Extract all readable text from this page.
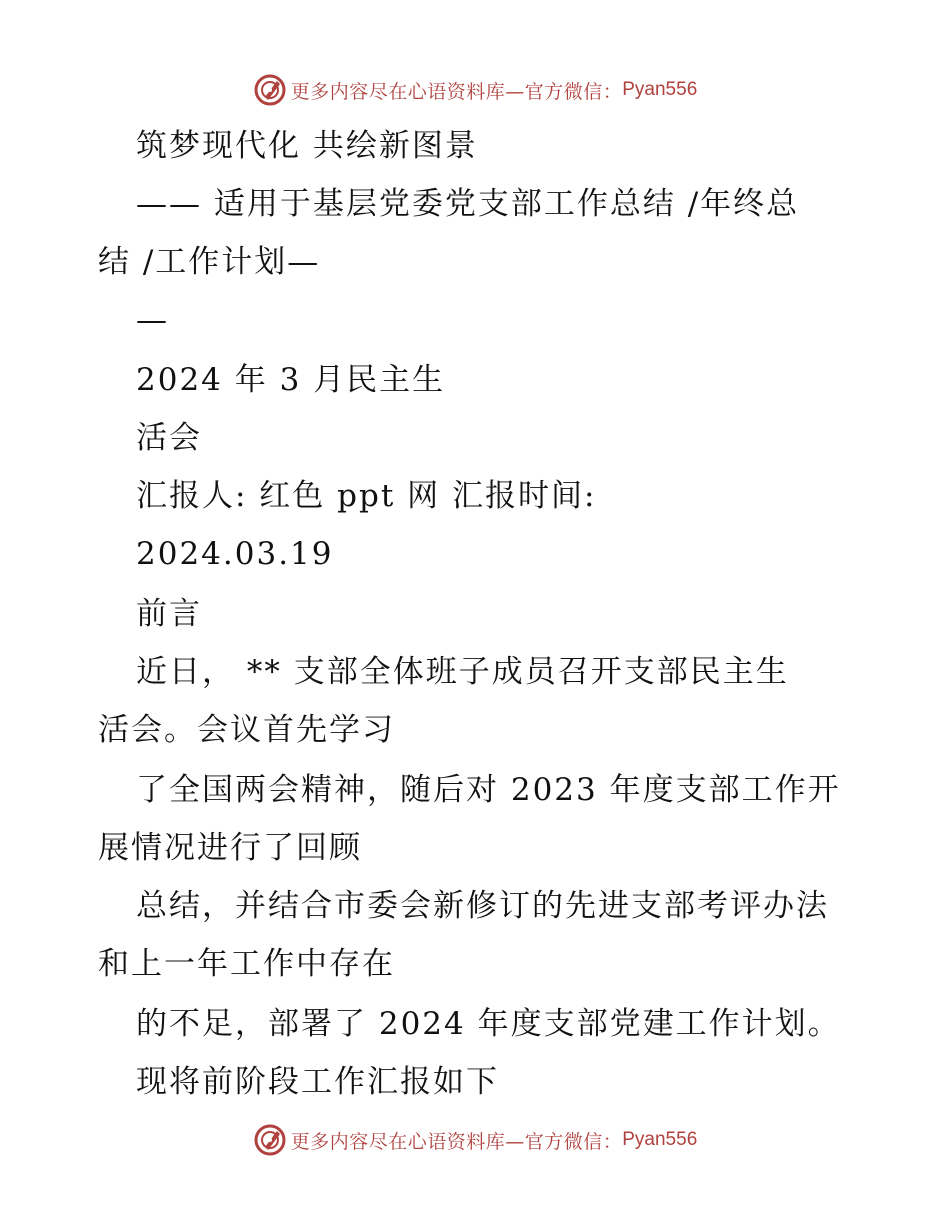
更多内容尽在心语资料库—官方微信： Pyan556
筑梦现代化 共绘新图景
—— 适用于基层党委党支部工作总结 /年终总
结 /工作计划—
—
2024 年 3 月民主生
活会
汇报人: 红色 ppt 网 汇报时间:
2024.03.19
前言
近日， ** 支部全体班子成员召开支部民主生
活会。会议首先学习
了全国两会精神，随后对 2023 年度支部工作开
展情况进行了回顾
总结，并结合市委会新修订的先进支部考评办法
和上一年工作中存在
的不足，部署了 2024 年度支部党建工作计划。
现将前阶段工作汇报如下
更多内容尽在心语资料库—官方微信： Pyan556
